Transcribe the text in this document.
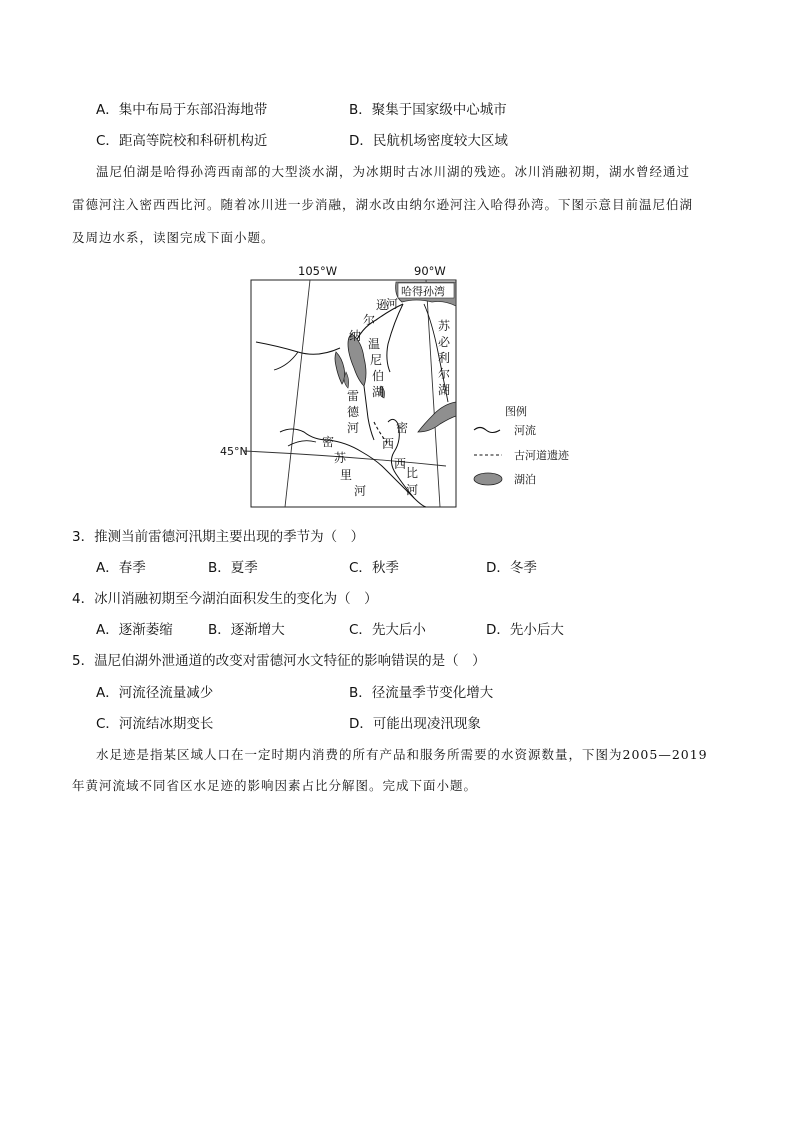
A．集中布局于东部沿海地带	B．聚集于国家级中心城市
C．距高等院校和科研机构近	D．民航机场密度较大区域
温尼伯湖是哈得孙湾西南部的大型淡水湖，为冰期时古冰川湖的残迹。冰川消融初期，湖水曾经通过
雷德河注入密西西比河。随着冰川进一步消融，湖水改由纳尔逊河注入哈得孙湾。下图示意目前温尼伯湖
及周边水系，读图完成下面小题。
105°W	90°W
45°N
哈得孙湾
逊
河
尔
纳
温
尼
伯
湖
雷
德
河
苏
必
利
尔
湖
密
西
西
比
河
密
苏
里
河
图例
河流
古河道遗迹
湖泊
3．推测当前雷德河汛期主要出现的季节为（　）
A．春季	B．夏季	C．秋季	D．冬季
4．冰川消融初期至今湖泊面积发生的变化为（　）
A．逐渐萎缩	B．逐渐增大	C．先大后小	D．先小后大
5．温尼伯湖外泄通道的改变对雷德河水文特征的影响错误的是（　）
A．河流径流量减少	B．径流量季节变化增大
C．河流结冰期变长	D．可能出现凌汛现象
水足迹是指某区域人口在一定时期内消费的所有产品和服务所需要的水资源数量，下图为2005—2019
年黄河流域不同省区水足迹的影响因素占比分解图。完成下面小题。
